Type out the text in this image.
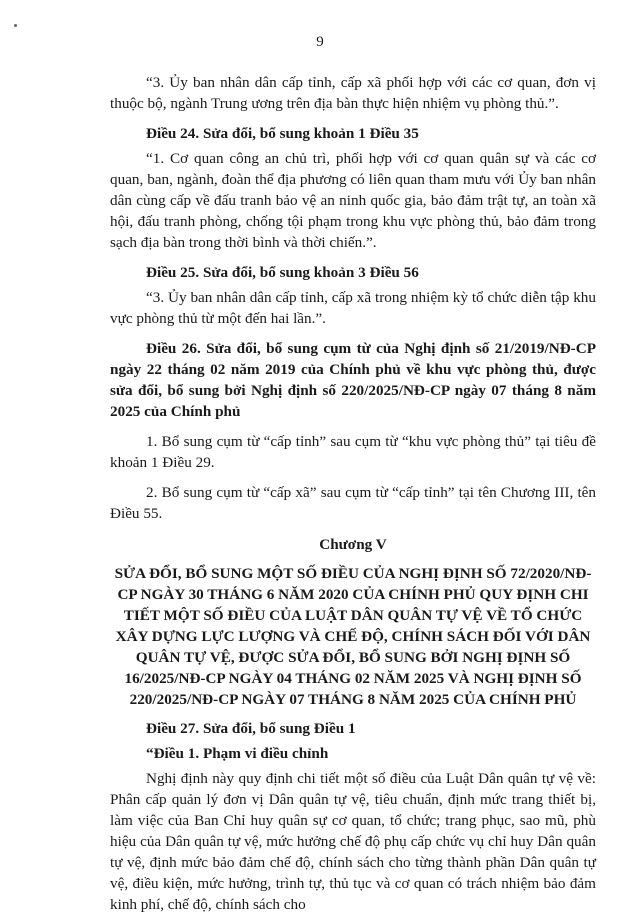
9

“3. Ủy ban nhân dân cấp tỉnh, cấp xã phối hợp với các cơ quan, đơn vị thuộc bộ, ngành Trung ương trên địa bàn thực hiện nhiệm vụ phòng thủ.”.

Điều 24. Sửa đổi, bổ sung khoản 1 Điều 35

“1. Cơ quan công an chủ trì, phối hợp với cơ quan quân sự và các cơ quan, ban, ngành, đoàn thể địa phương có liên quan tham mưu với Ủy ban nhân dân cùng cấp về đấu tranh bảo vệ an ninh quốc gia, bảo đảm trật tự, an toàn xã hội, đấu tranh phòng, chống tội phạm trong khu vực phòng thủ, bảo đảm trong sạch địa bàn trong thời bình và thời chiến.”.

Điều 25. Sửa đổi, bổ sung khoản 3 Điều 56

“3. Ủy ban nhân dân cấp tỉnh, cấp xã trong nhiệm kỳ tổ chức diễn tập khu vực phòng thủ từ một đến hai lần.”.

Điều 26. Sửa đổi, bổ sung cụm từ của Nghị định số 21/2019/NĐ-CP ngày 22 tháng 02 năm 2019 của Chính phủ về khu vực phòng thủ, được sửa đổi, bổ sung bởi Nghị định số 220/2025/NĐ-CP ngày 07 tháng 8 năm 2025 của Chính phủ

1. Bổ sung cụm từ “cấp tỉnh” sau cụm từ “khu vực phòng thủ” tại tiêu đề khoản 1 Điều 29.

2. Bổ sung cụm từ “cấp xã” sau cụm từ “cấp tỉnh” tại tên Chương III, tên Điều 55.

Chương V

SỬA ĐỔI, BỔ SUNG MỘT SỐ ĐIỀU CỦA NGHỊ ĐỊNH SỐ 72/2020/NĐ-CP NGÀY 30 THÁNG 6 NĂM 2020 CỦA CHÍNH PHỦ QUY ĐỊNH CHI TIẾT MỘT SỐ ĐIỀU CỦA LUẬT DÂN QUÂN TỰ VỆ VỀ TỔ CHỨC XÂY DỰNG LỰC LƯỢNG VÀ CHẾ ĐỘ, CHÍNH SÁCH ĐỐI VỚI DÂN QUÂN TỰ VỆ, ĐƯỢC SỬA ĐỔI, BỔ SUNG BỞI NGHỊ ĐỊNH SỐ 16/2025/NĐ-CP NGÀY 04 THÁNG 02 NĂM 2025 VÀ NGHỊ ĐỊNH SỐ 220/2025/NĐ-CP NGÀY 07 THÁNG 8 NĂM 2025 CỦA CHÍNH PHỦ

Điều 27. Sửa đổi, bổ sung Điều 1

“Điều 1. Phạm vi điều chỉnh

Nghị định này quy định chi tiết một số điều của Luật Dân quân tự vệ về: Phân cấp quản lý đơn vị Dân quân tự vệ, tiêu chuẩn, định mức trang thiết bị, làm việc của Ban Chỉ huy quân sự cơ quan, tổ chức; trang phục, sao mũ, phù hiệu của Dân quân tự vệ, mức hưởng chế độ phụ cấp chức vụ chỉ huy Dân quân tự vệ, định mức bảo đảm chế độ, chính sách cho từng thành phần Dân quân tự vệ, điều kiện, mức hưởng, trình tự, thủ tục và cơ quan có trách nhiệm bảo đảm kinh phí, chế độ, chính sách cho
